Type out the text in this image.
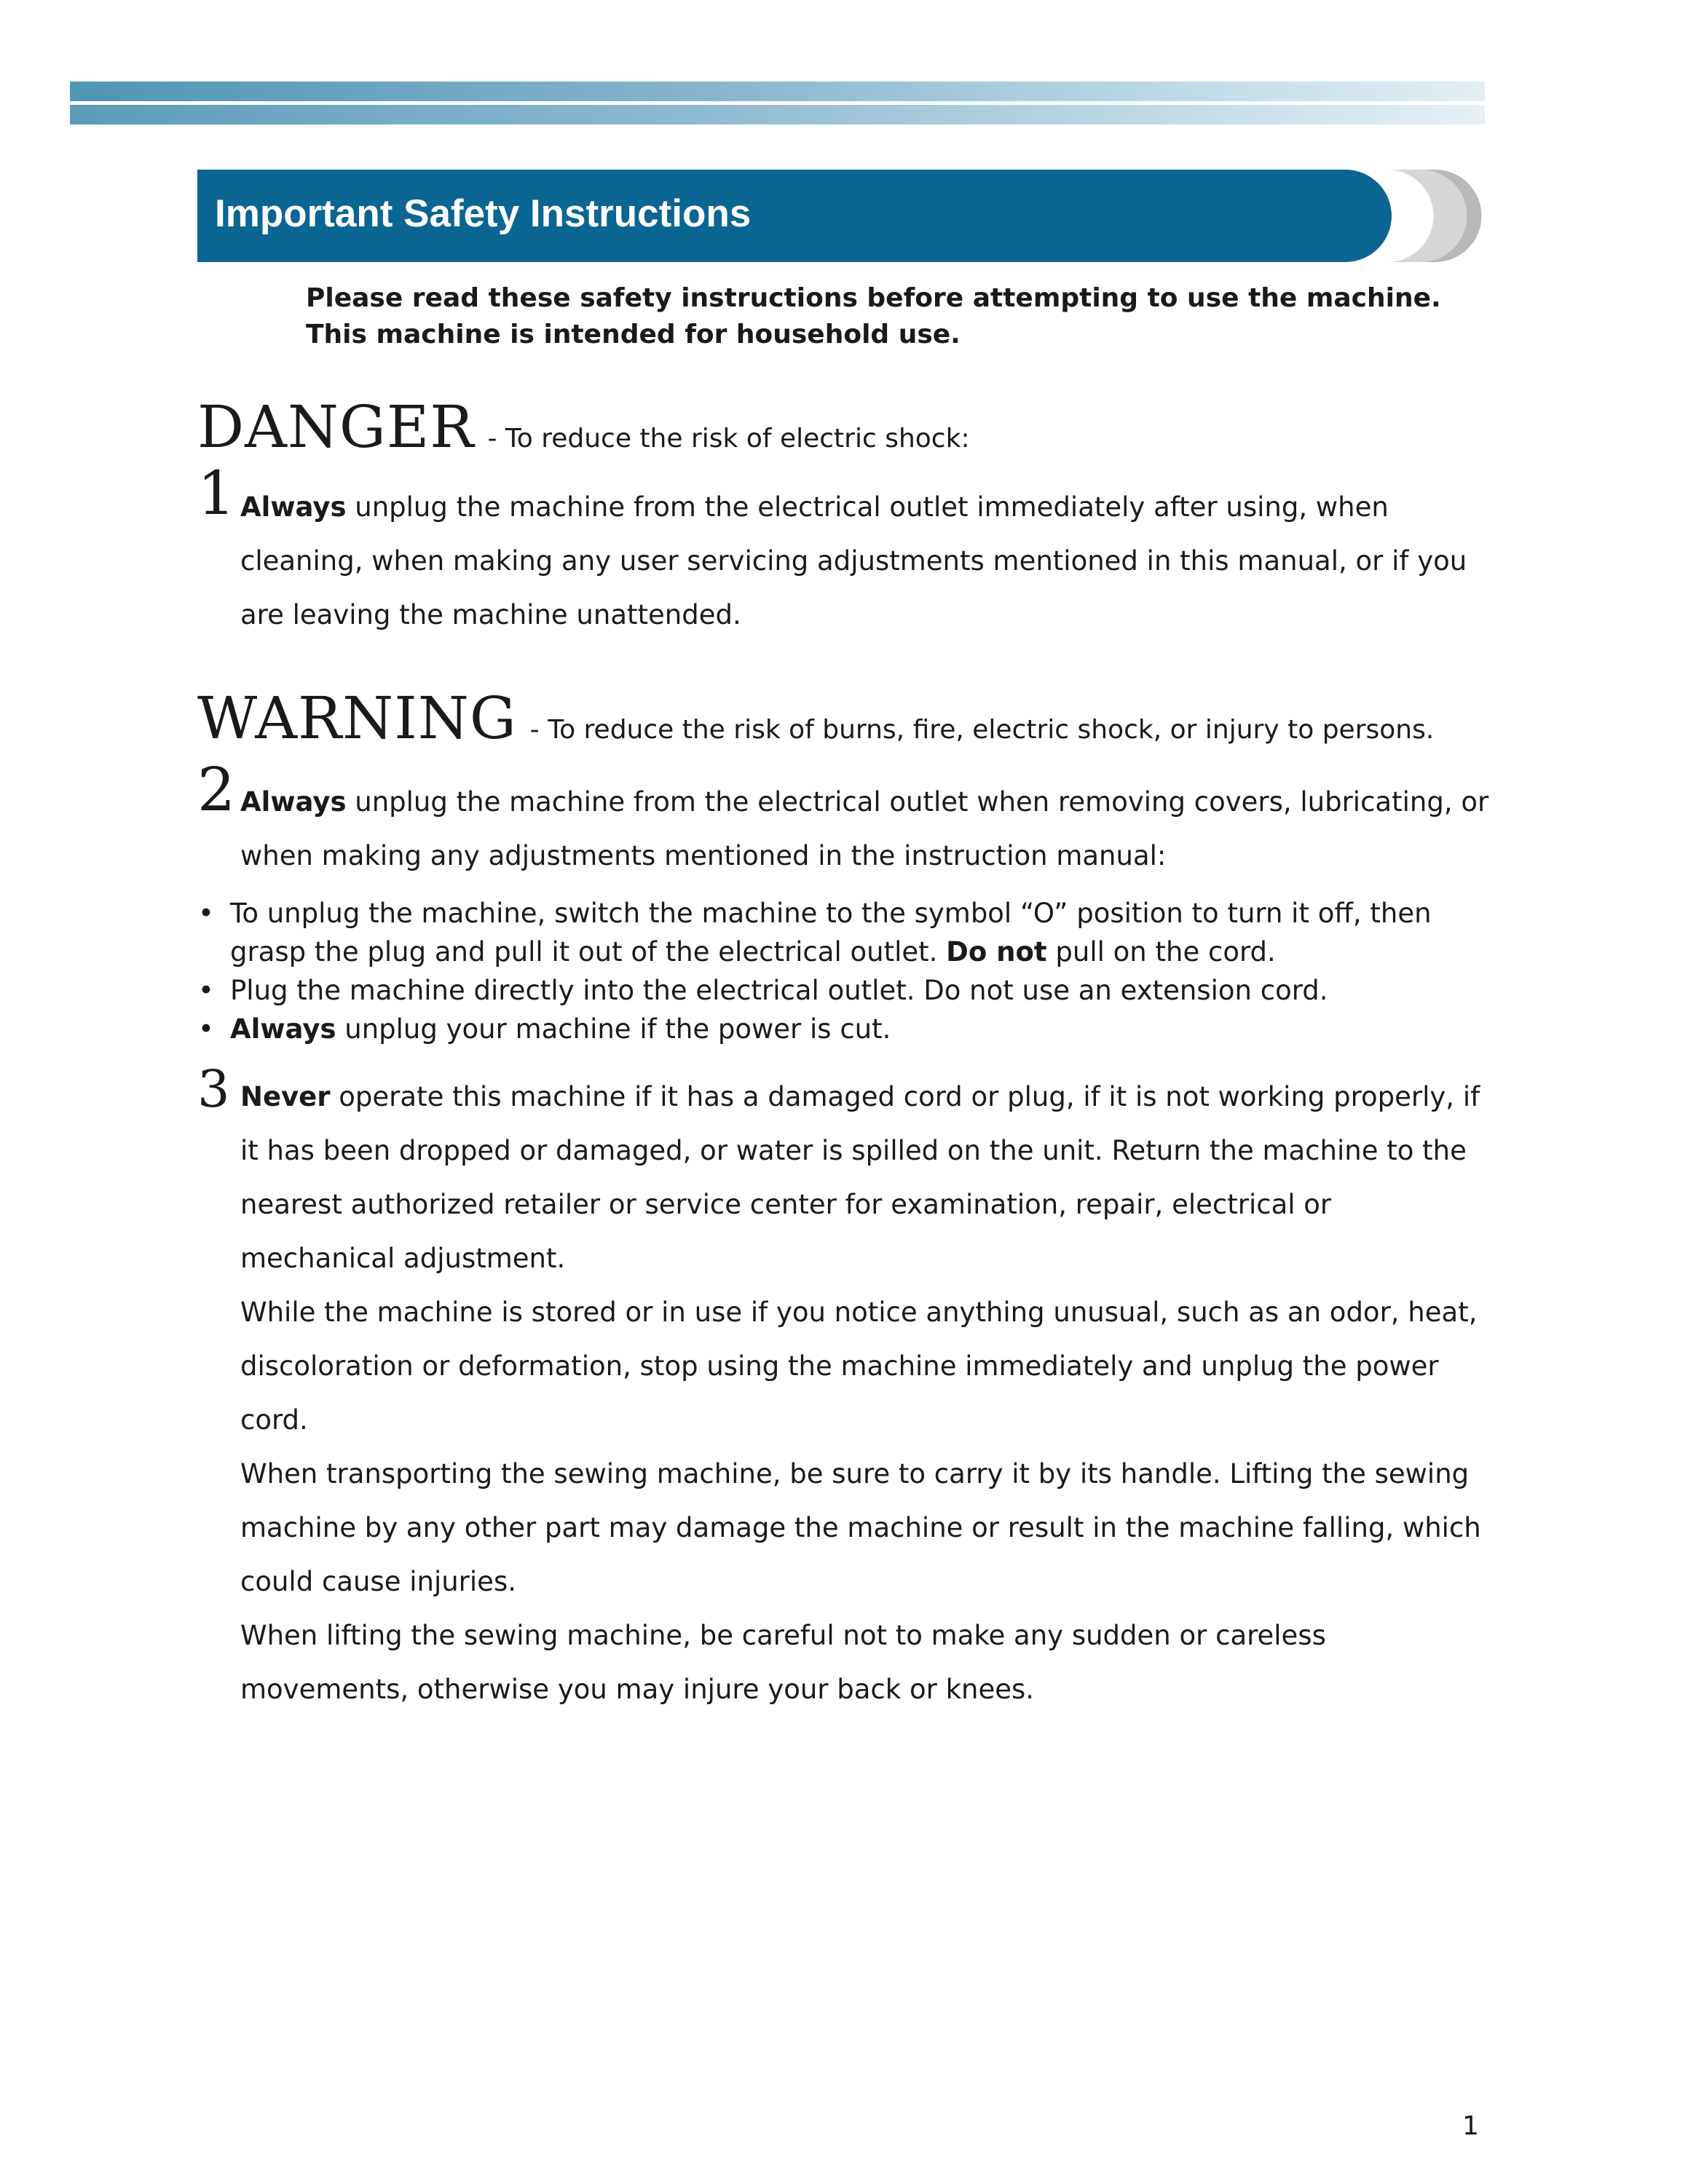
Important Safety Instructions
Please read these safety instructions before attempting to use the machine.
This machine is intended for household use.
DANGER - To reduce the risk of electric shock:
1 Always unplug the machine from the electrical outlet immediately after using, when cleaning, when making any user servicing adjustments mentioned in this manual, or if you are leaving the machine unattended.
WARNING - To reduce the risk of burns, fire, electric shock, or injury to persons.
2 Always unplug the machine from the electrical outlet when removing covers, lubricating, or when making any adjustments mentioned in the instruction manual:
• To unplug the machine, switch the machine to the symbol “O” position to turn it off, then grasp the plug and pull it out of the electrical outlet. Do not pull on the cord.
• Plug the machine directly into the electrical outlet. Do not use an extension cord.
• Always unplug your machine if the power is cut.
3 Never operate this machine if it has a damaged cord or plug, if it is not working properly, if it has been dropped or damaged, or water is spilled on the unit. Return the machine to the nearest authorized retailer or service center for examination, repair, electrical or mechanical adjustment.
While the machine is stored or in use if you notice anything unusual, such as an odor, heat, discoloration or deformation, stop using the machine immediately and unplug the power cord.
When transporting the sewing machine, be sure to carry it by its handle. Lifting the sewing machine by any other part may damage the machine or result in the machine falling, which could cause injuries.
When lifting the sewing machine, be careful not to make any sudden or careless movements, otherwise you may injure your back or knees.
1
